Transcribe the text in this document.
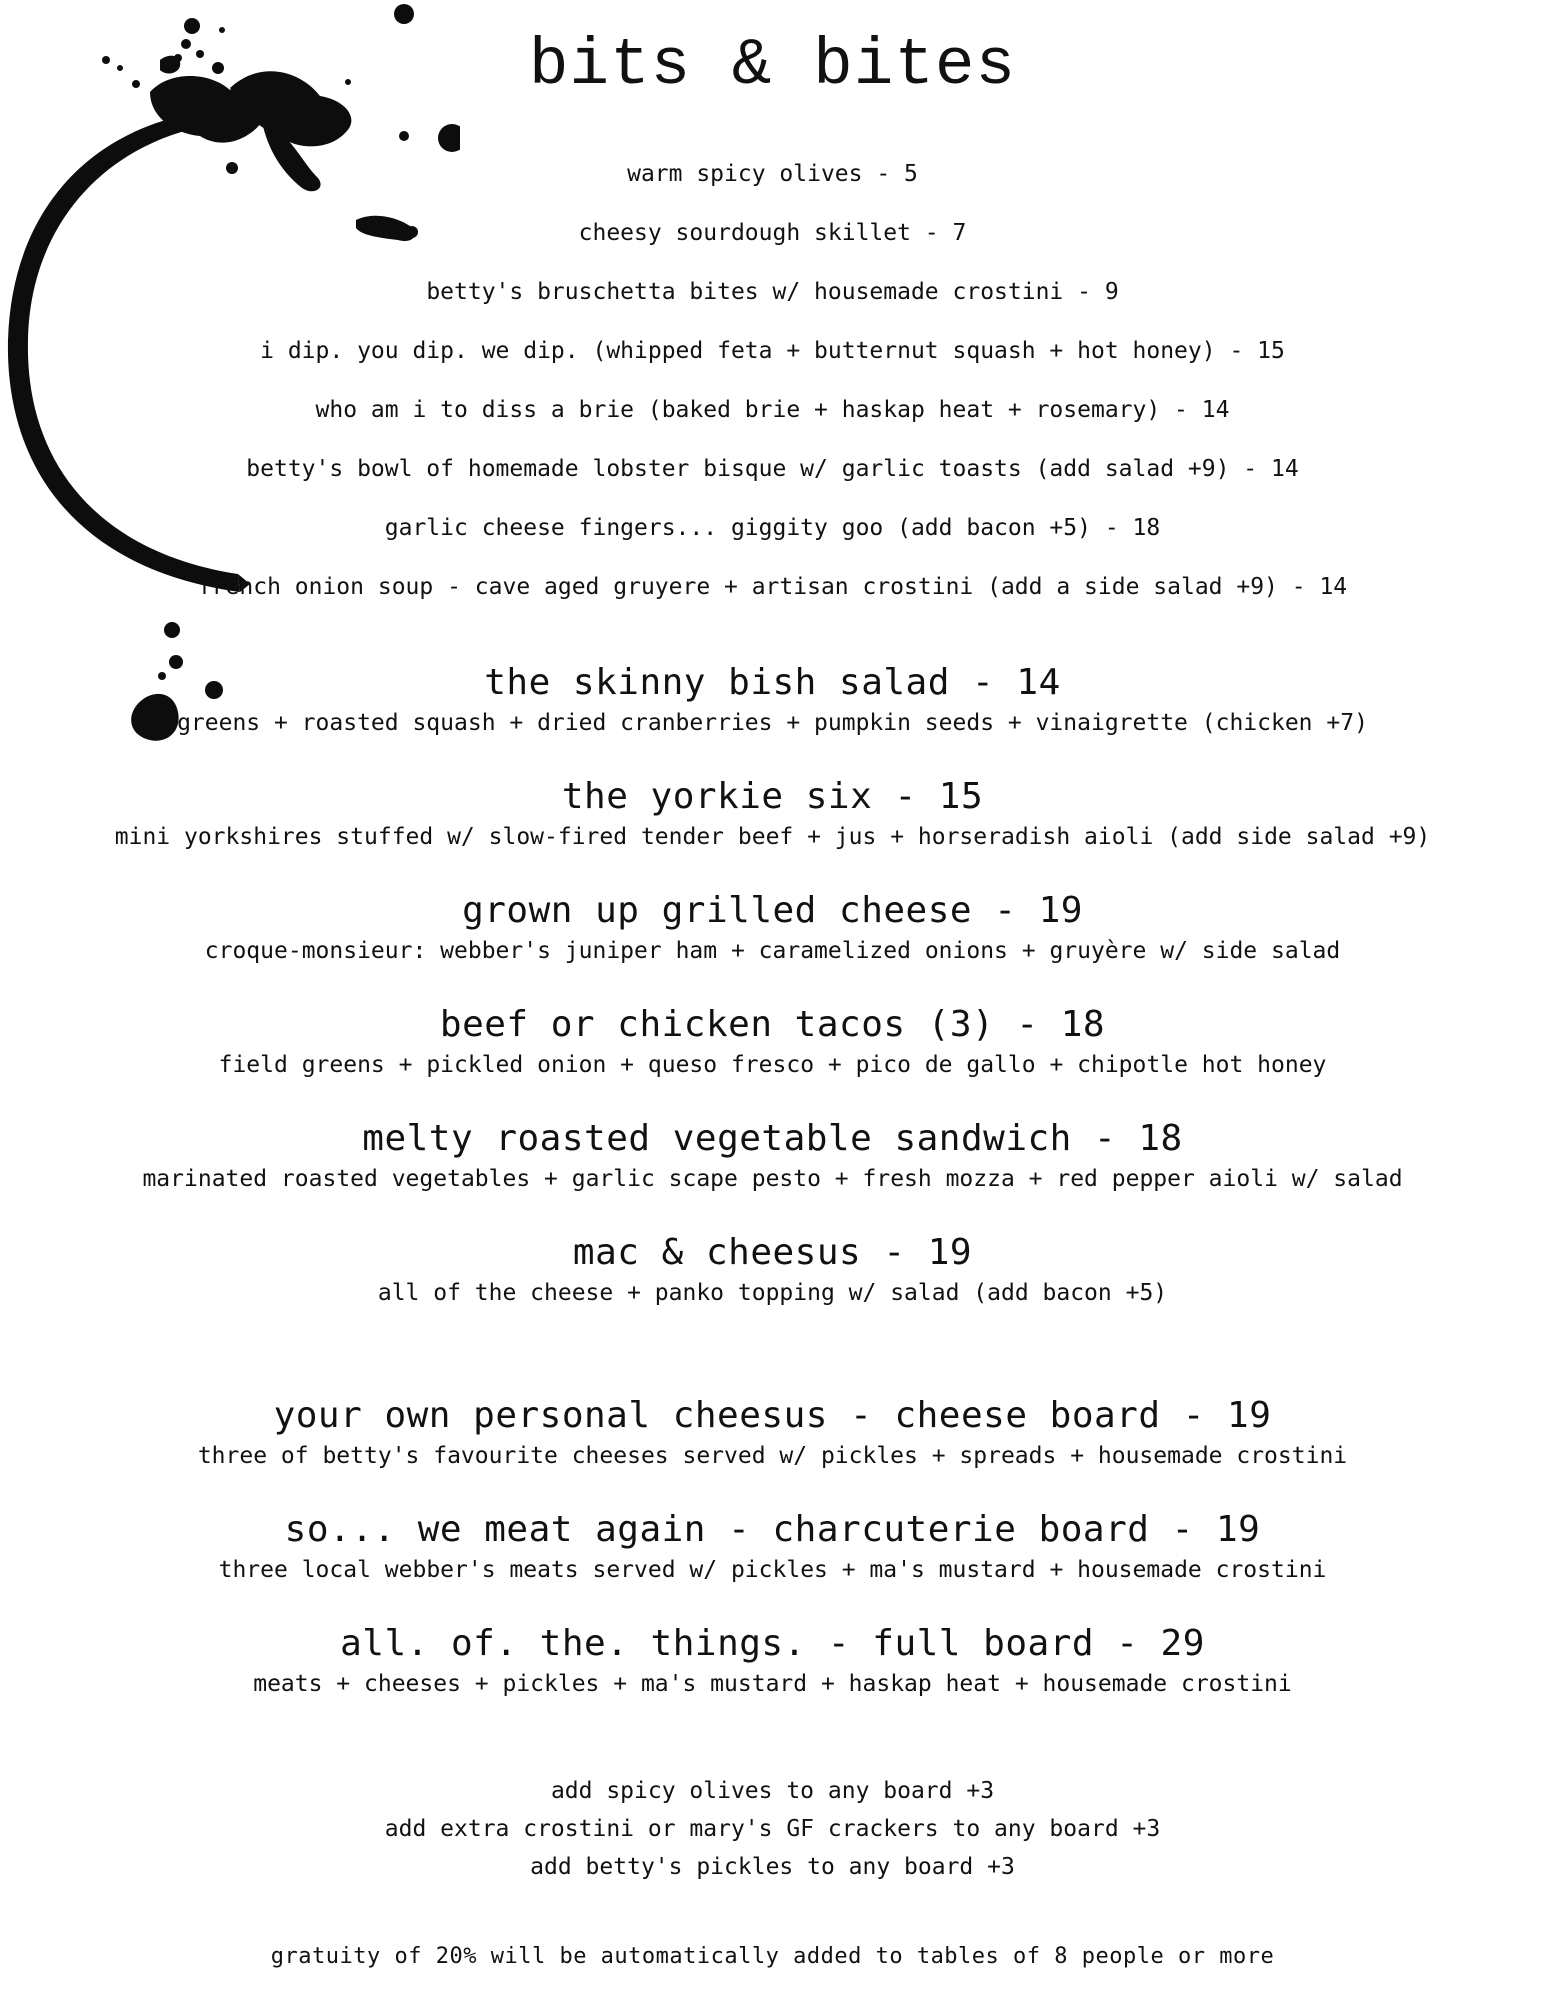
bits & bites
warm spicy olives - 5
cheesy sourdough skillet - 7
betty's bruschetta bites w/ housemade crostini - 9
i dip. you dip. we dip. (whipped feta + butternut squash + hot honey) - 15
who am i to diss a brie (baked brie + haskap heat + rosemary) - 14
betty's bowl of homemade lobster bisque w/ garlic toasts (add salad +9) - 14
garlic cheese fingers... giggity goo (add bacon +5) - 18
french onion soup - cave aged gruyere + artisan crostini (add a side salad +9) - 14
the skinny bish salad - 14
greens + roasted squash + dried cranberries + pumpkin seeds + vinaigrette (chicken +7)
the yorkie six - 15
mini yorkshires stuffed w/ slow-fired tender beef + jus + horseradish aioli (add side salad +9)
grown up grilled cheese - 19
croque-monsieur: webber's juniper ham + caramelized onions + gruyère w/ side salad
beef or chicken tacos (3) - 18
field greens + pickled onion + queso fresco + pico de gallo + chipotle hot honey
melty roasted vegetable sandwich - 18
marinated roasted vegetables + garlic scape pesto + fresh mozza + red pepper aioli w/ salad
mac & cheesus - 19
all of the cheese + panko topping w/ salad (add bacon +5)
your own personal cheesus - cheese board - 19
three of betty's favourite cheeses served w/ pickles + spreads + housemade crostini
so... we meat again - charcuterie board - 19
three local webber's meats served w/ pickles + ma's mustard + housemade crostini
all. of. the. things. - full board - 29
meats + cheeses + pickles + ma's mustard + haskap heat + housemade crostini
add spicy olives to any board +3
add extra crostini or mary's GF crackers to any board +3
add betty's pickles to any board +3
gratuity of 20% will be automatically added to tables of 8 people or more
